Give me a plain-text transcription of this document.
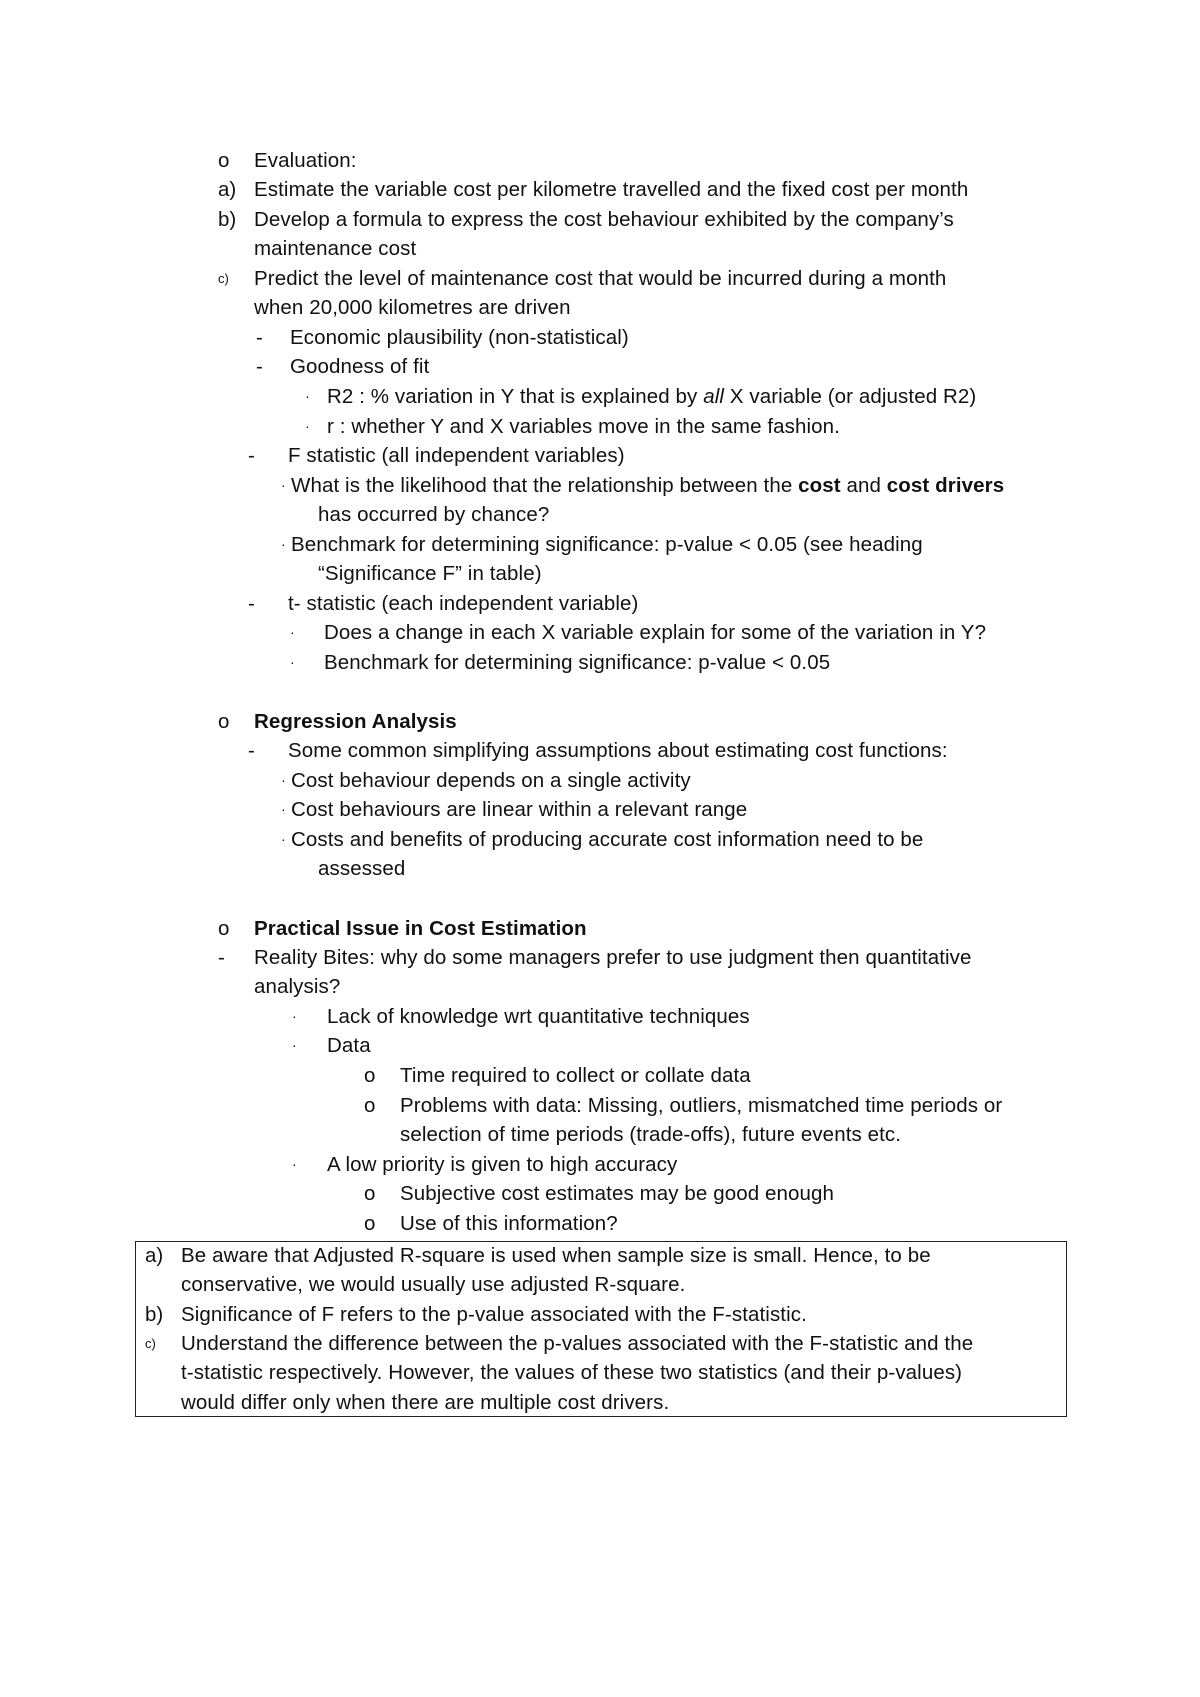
o Evaluation:
a) Estimate the variable cost per kilometre travelled and the fixed cost per month
b) Develop a formula to express the cost behaviour exhibited by the company’s
maintenance cost
c) Predict the level of maintenance cost that would be incurred during a month
when 20,000 kilometres are driven
- Economic plausibility (non-statistical)
- Goodness of fit
· R2 : % variation in Y that is explained by all X variable (or adjusted R2)
· r : whether Y and X variables move in the same fashion.
- F statistic (all independent variables)
· What is the likelihood that the relationship between the cost and cost drivers
has occurred by chance?
· Benchmark for determining significance: p-value < 0.05 (see heading
“Significance F” in table)
- t- statistic (each independent variable)
· Does a change in each X variable explain for some of the variation in Y?
· Benchmark for determining significance: p-value < 0.05
o Regression Analysis
- Some common simplifying assumptions about estimating cost functions:
· Cost behaviour depends on a single activity
· Cost behaviours are linear within a relevant range
· Costs and benefits of producing accurate cost information need to be
assessed
o Practical Issue in Cost Estimation
- Reality Bites: why do some managers prefer to use judgment then quantitative
analysis?
· Lack of knowledge wrt quantitative techniques
· Data
o Time required to collect or collate data
o Problems with data: Missing, outliers, mismatched time periods or
selection of time periods (trade-offs), future events etc.
· A low priority is given to high accuracy
o Subjective cost estimates may be good enough
o Use of this information?
a) Be aware that Adjusted R-square is used when sample size is small. Hence, to be
conservative, we would usually use adjusted R-square.
b) Significance of F refers to the p-value associated with the F-statistic.
c) Understand the difference between the p-values associated with the F-statistic and the
t-statistic respectively. However, the values of these two statistics (and their p-values)
would differ only when there are multiple cost drivers.
